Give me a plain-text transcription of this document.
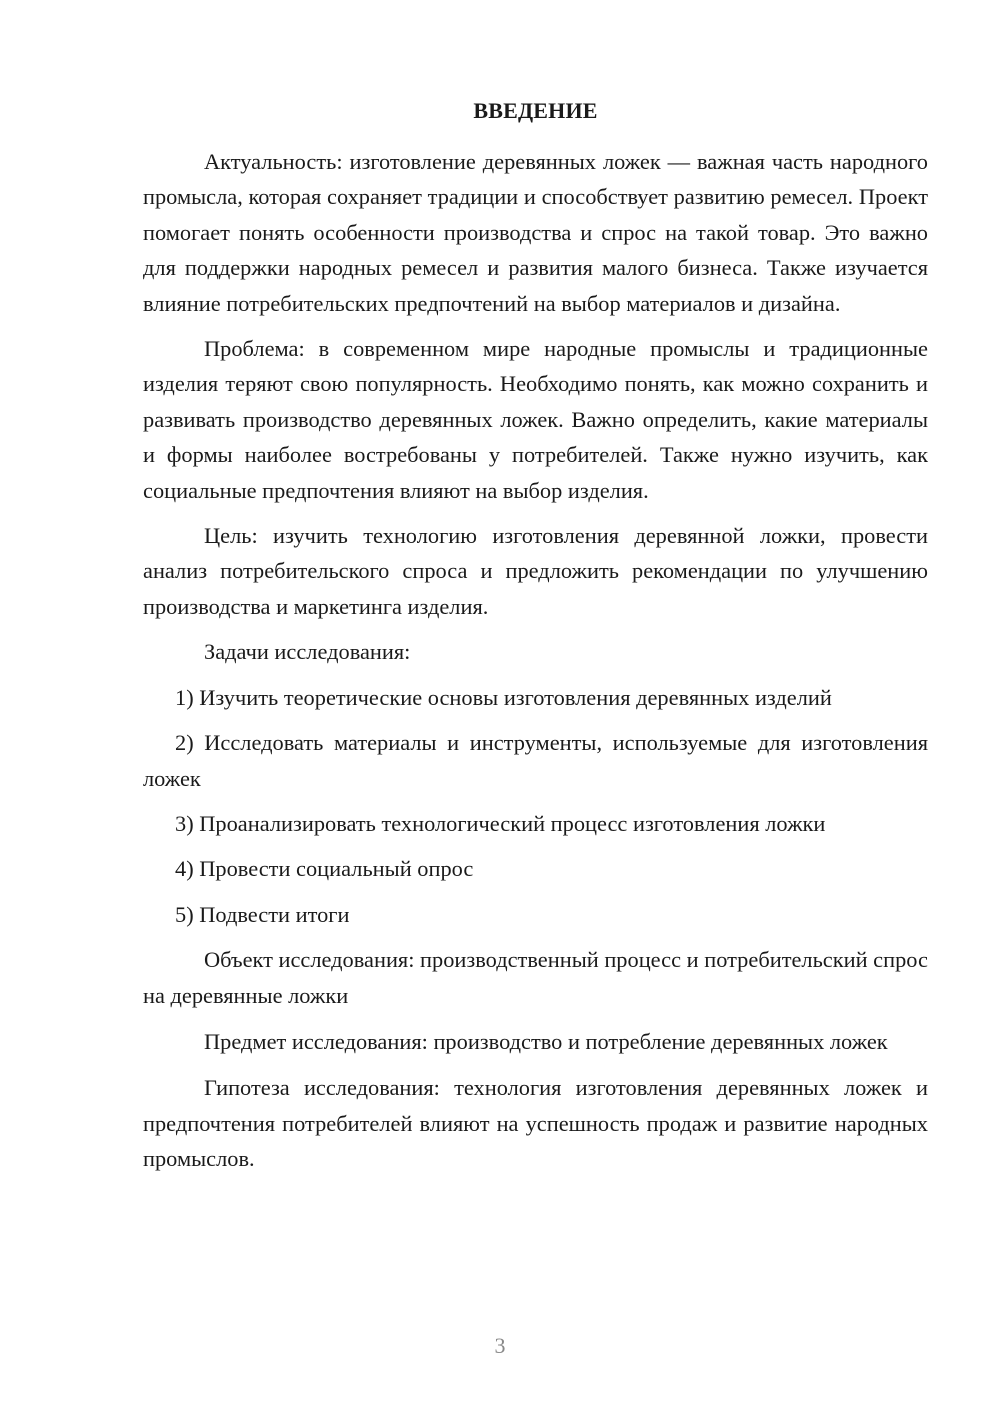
ВВЕДЕНИЕ

Актуальность: изготовление деревянных ложек — важная часть народного промысла, которая сохраняет традиции и способствует развитию ремесел. Проект помогает понять особенности производства и спрос на такой товар. Это важно для поддержки народных ремесел и развития малого бизнеса. Также изучается влияние потребительских предпочтений на выбор материалов и дизайна.

Проблема: в современном мире народные промыслы и традиционные изделия теряют свою популярность. Необходимо понять, как можно сохранить и развивать производство деревянных ложек. Важно определить, какие материалы и формы наиболее востребованы у потребителей. Также нужно изучить, как социальные предпочтения влияют на выбор изделия.

Цель: изучить технологию изготовления деревянной ложки, провести анализ потребительского спроса и предложить рекомендации по улучшению производства и маркетинга изделия.

Задачи исследования:

1) Изучить теоретические основы изготовления деревянных изделий

2) Исследовать материалы и инструменты, используемые для изготовления ложек

3) Проанализировать технологический процесс изготовления ложки

4) Провести социальный опрос

5) Подвести итоги

Объект исследования: производственный процесс и потребительский спрос на деревянные ложки

Предмет исследования: производство и потребление деревянных ложек

Гипотеза исследования: технология изготовления деревянных ложек и предпочтения потребителей влияют на успешность продаж и развитие народных промыслов.

3
